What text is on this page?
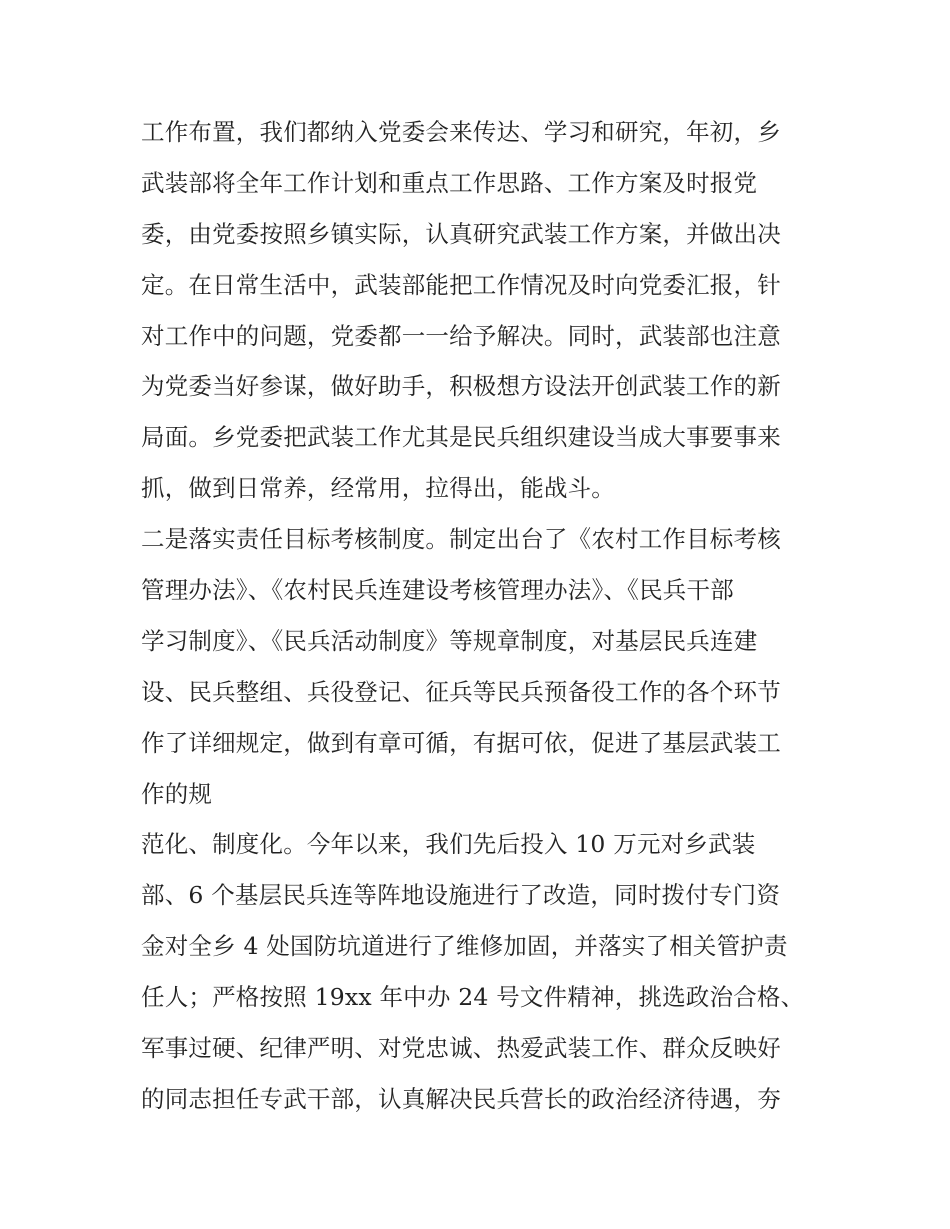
工作布置，我们都纳入党委会来传达、学习和研究，年初，乡
武装部将全年工作计划和重点工作思路、工作方案及时报党
委，由党委按照乡镇实际，认真研究武装工作方案，并做出决
定。在日常生活中，武装部能把工作情况及时向党委汇报，针
对工作中的问题，党委都一一给予解决。同时，武装部也注意
为党委当好参谋，做好助手，积极想方设法开创武装工作的新
局面。乡党委把武装工作尤其是民兵组织建设当成大事要事来
抓，做到日常养，经常用，拉得出，能战斗。
二是落实责任目标考核制度。制定出台了《农村工作目标考核
管理办法》、《农村民兵连建设考核管理办法》、《民兵干部
学习制度》、《民兵活动制度》等规章制度，对基层民兵连建
设、民兵整组、兵役登记、征兵等民兵预备役工作的各个环节
作了详细规定，做到有章可循，有据可依，促进了基层武装工
作的规
范化、制度化。今年以来，我们先后投入 10 万元对乡武装
部、6 个基层民兵连等阵地设施进行了改造，同时拨付专门资
金对全乡 4 处国防坑道进行了维修加固，并落实了相关管护责
任人；严格按照 19xx 年中办 24 号文件精神，挑选政治合格、
军事过硬、纪律严明、对党忠诚、热爱武装工作、群众反映好
的同志担任专武干部，认真解决民兵营长的政治经济待遇，夯
